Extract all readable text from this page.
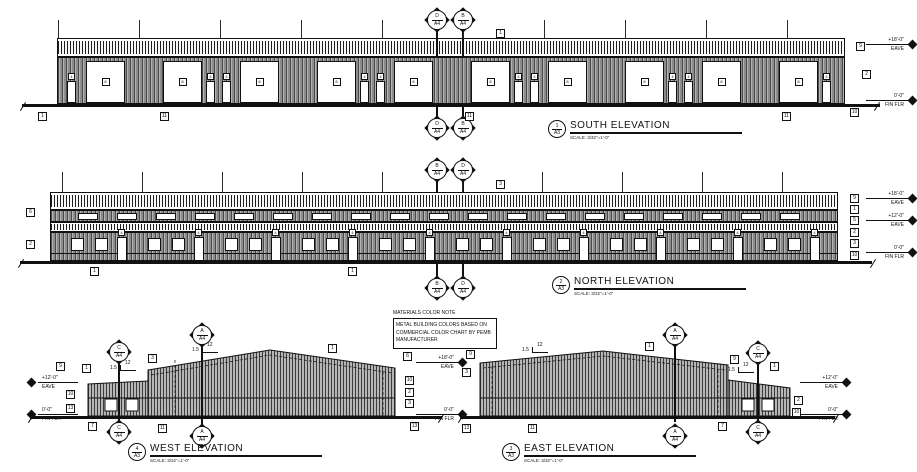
8	8	8	8	8	8	8	8	8	8
4	4	4	4	4	4	4	4	4	4
D
A4
B
A4
D
A4
B
A4
1
9
2
10
1	11	11	11
+18'-0"
EAVE
0'-0"
FIN FLR
1
A3
SOUTH ELEVATION
SCALE: 3/32"=1'-0"
4	4	4	4	4	4	4	4	4	4
B
A4
D
A4
B
A4
D
A4
3
6
2
1	1
9
1
5
2
3
10
+18'-0"
EAVE
+12'-0"
EAVE
0'-0"
FIN FLR
2
A3
NORTH ELEVATION
SCALE: 3/32"=1'-0"
MATERIALS COLOR NOTE
METAL BUILDING COLORS BASED ON COMMERCIAL COLOR CHART BY PEMB MANUFACTURER
C
A4
A
A4
C
A4
A
A4
12
1.5
12
1.5
9	1
10
13
3
1
6
10
2
3
13
7	11
+12'-0"
EAVE
0'-0"
FIN FLR
+18'-0"
EAVE
0'-0"
FIN FLR
4
A3
WEST ELEVATION
SCALE: 3/32"=1'-0"
A
A4
C
A4
A
A4
C
A4
12
1.5
12
1.5
9
3
1
9
1
2
10
7
11
13
+12'-0"
EAVE
0'-0"
FIN FLR
3
A3
EAST ELEVATION
SCALE: 3/32"=1'-0"
